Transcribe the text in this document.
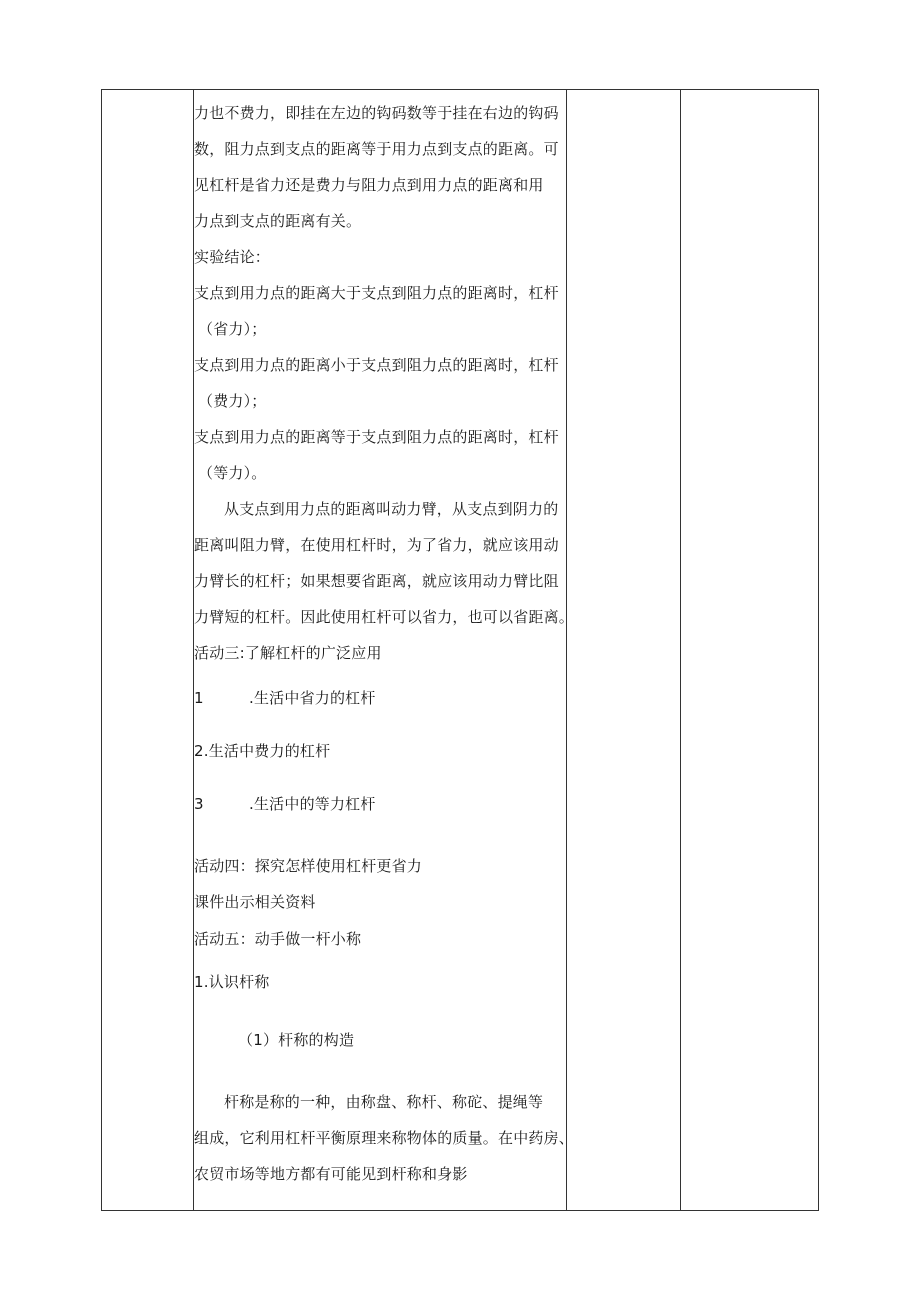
力也不费力，即挂在左边的钩码数等于挂在右边的钩码
数，阻力点到支点的距离等于用力点到支点的距离。可
见杠杆是省力还是费力与阻力点到用力点的距离和用
力点到支点的距离有关。
实验结论：
支点到用力点的距离大于支点到阻力点的距离时，杠杆
（省力）；
支点到用力点的距离小于支点到阻力点的距离时，杠杆
（费力）；
支点到用力点的距离等于支点到阻力点的距离时，杠杆
（等力）。
从支点到用力点的距离叫动力臂，从支点到阴力的
距离叫阻力臂，在使用杠杆时，为了省力，就应该用动
力臂长的杠杆；如果想要省距离，就应该用动力臂比阻
力臂短的杠杆。因此使用杠杆可以省力，也可以省距离。
活动三:了解杠杆的广泛应用
1	.生活中省力的杠杆
2.生活中费力的杠杆
3	.生活中的等力杠杆
活动四：探究怎样使用杠杆更省力
课件出示相关资料
活动五：动手做一杆小称
1.认识杆称
（1）杆称的构造
杆称是称的一种，由称盘、称杆、称砣、提绳等
组成，它利用杠杆平衡原理来称物体的质量。在中药房、
农贸市场等地方都有可能见到杆称和身影
